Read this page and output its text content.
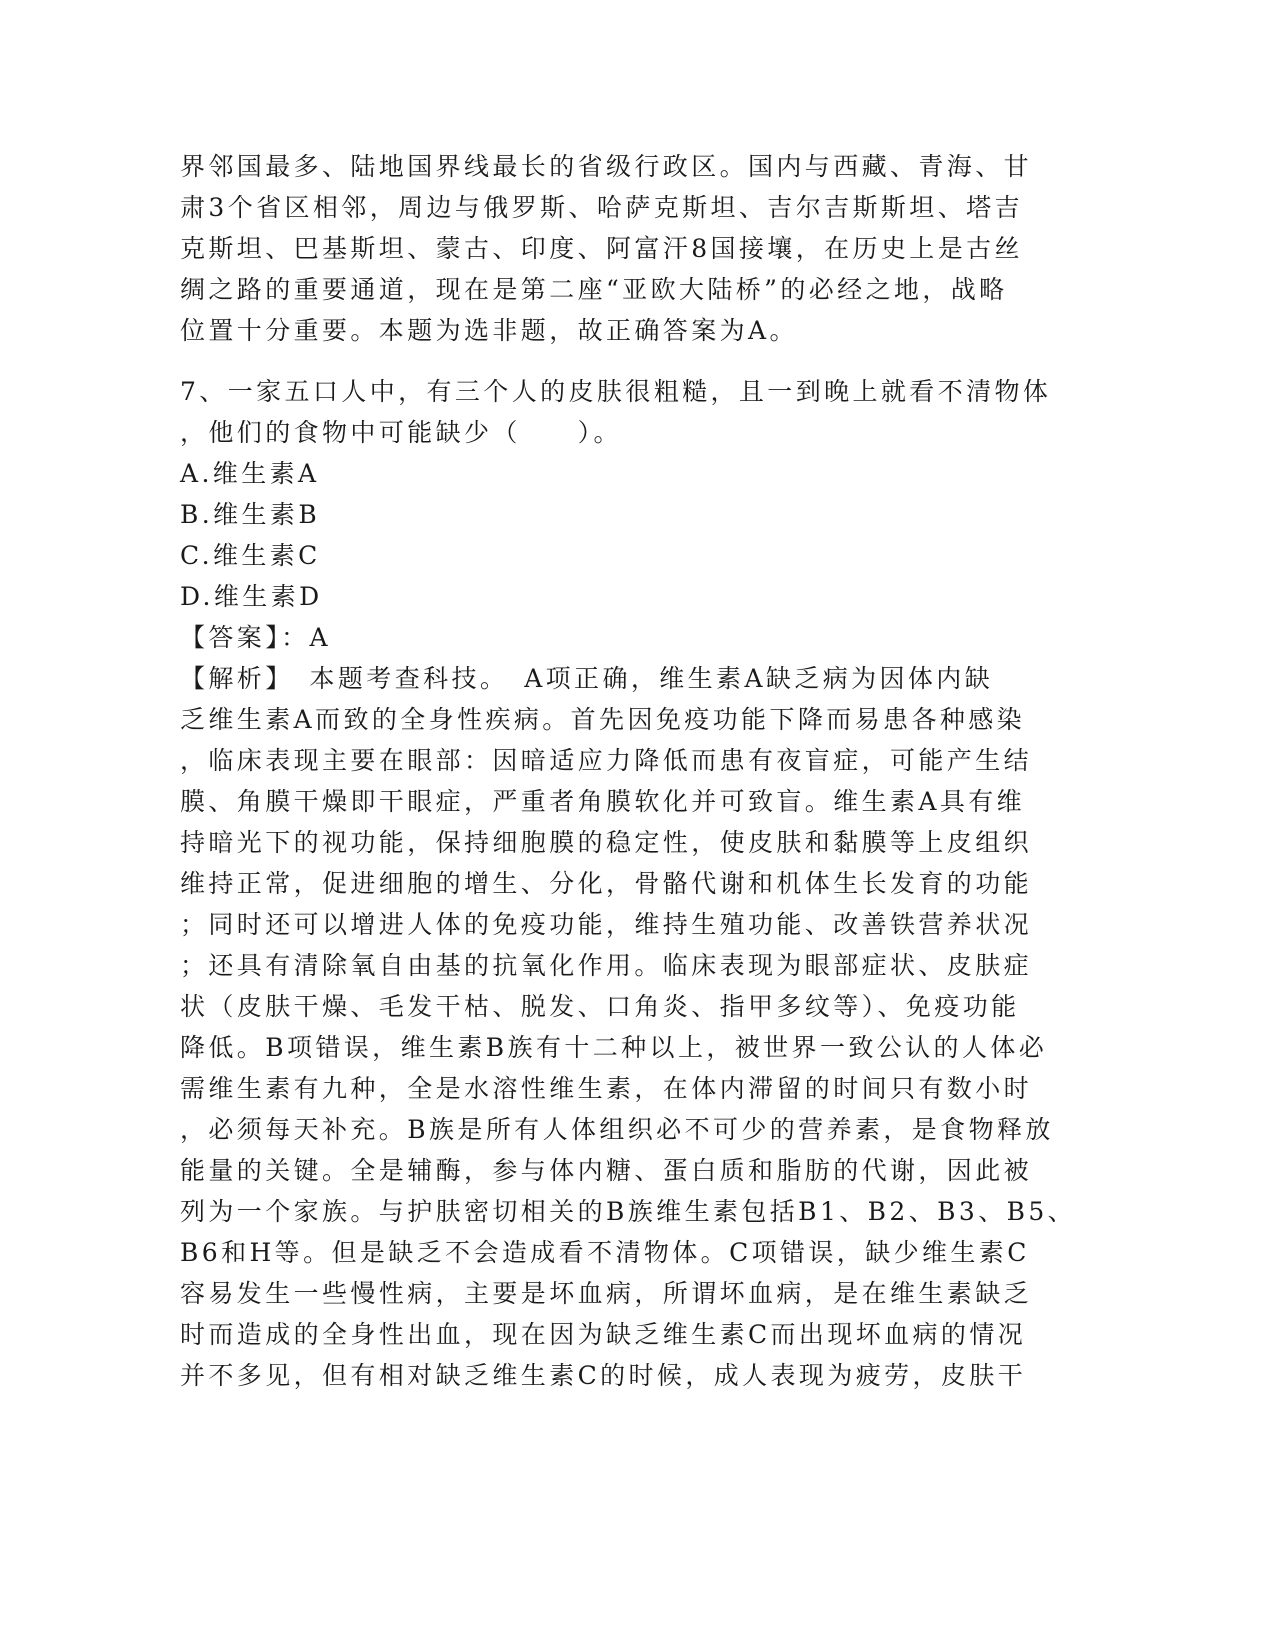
界邻国最多、陆地国界线最长的省级行政区。国内与西藏、青海、甘
肃3个省区相邻，周边与俄罗斯、哈萨克斯坦、吉尔吉斯斯坦、塔吉
克斯坦、巴基斯坦、蒙古、印度、阿富汗8国接壤，在历史上是古丝
绸之路的重要通道，现在是第二座“亚欧大陆桥”的必经之地，战略
位置十分重要。本题为选非题，故正确答案为A。
7、一家五口人中，有三个人的皮肤很粗糙，且一到晚上就看不清物体
，他们的食物中可能缺少（　　）。
A.维生素A
B.维生素B
C.维生素C
D.维生素D
【答案】：A
【解析】　本题考查科技。　A项正确，维生素A缺乏病为因体内缺
乏维生素A而致的全身性疾病。首先因免疫功能下降而易患各种感染
，临床表现主要在眼部：因暗适应力降低而患有夜盲症，可能产生结
膜、角膜干燥即干眼症，严重者角膜软化并可致盲。维生素A具有维
持暗光下的视功能，保持细胞膜的稳定性，使皮肤和黏膜等上皮组织
维持正常，促进细胞的增生、分化，骨骼代谢和机体生长发育的功能
；同时还可以增进人体的免疫功能，维持生殖功能、改善铁营养状况
；还具有清除氧自由基的抗氧化作用。临床表现为眼部症状、皮肤症
状（皮肤干燥、毛发干枯、脱发、口角炎、指甲多纹等）、免疫功能
降低。B项错误，维生素B族有十二种以上，被世界一致公认的人体必
需维生素有九种，全是水溶性维生素，在体内滞留的时间只有数小时
，必须每天补充。B族是所有人体组织必不可少的营养素，是食物释放
能量的关键。全是辅酶，参与体内糖、蛋白质和脂肪的代谢，因此被
列为一个家族。与护肤密切相关的B族维生素包括B1、B2、B3、B5、
B6和H等。但是缺乏不会造成看不清物体。C项错误，缺少维生素C
容易发生一些慢性病，主要是坏血病，所谓坏血病，是在维生素缺乏
时而造成的全身性出血，现在因为缺乏维生素C而出现坏血病的情况
并不多见，但有相对缺乏维生素C的时候，成人表现为疲劳，皮肤干
